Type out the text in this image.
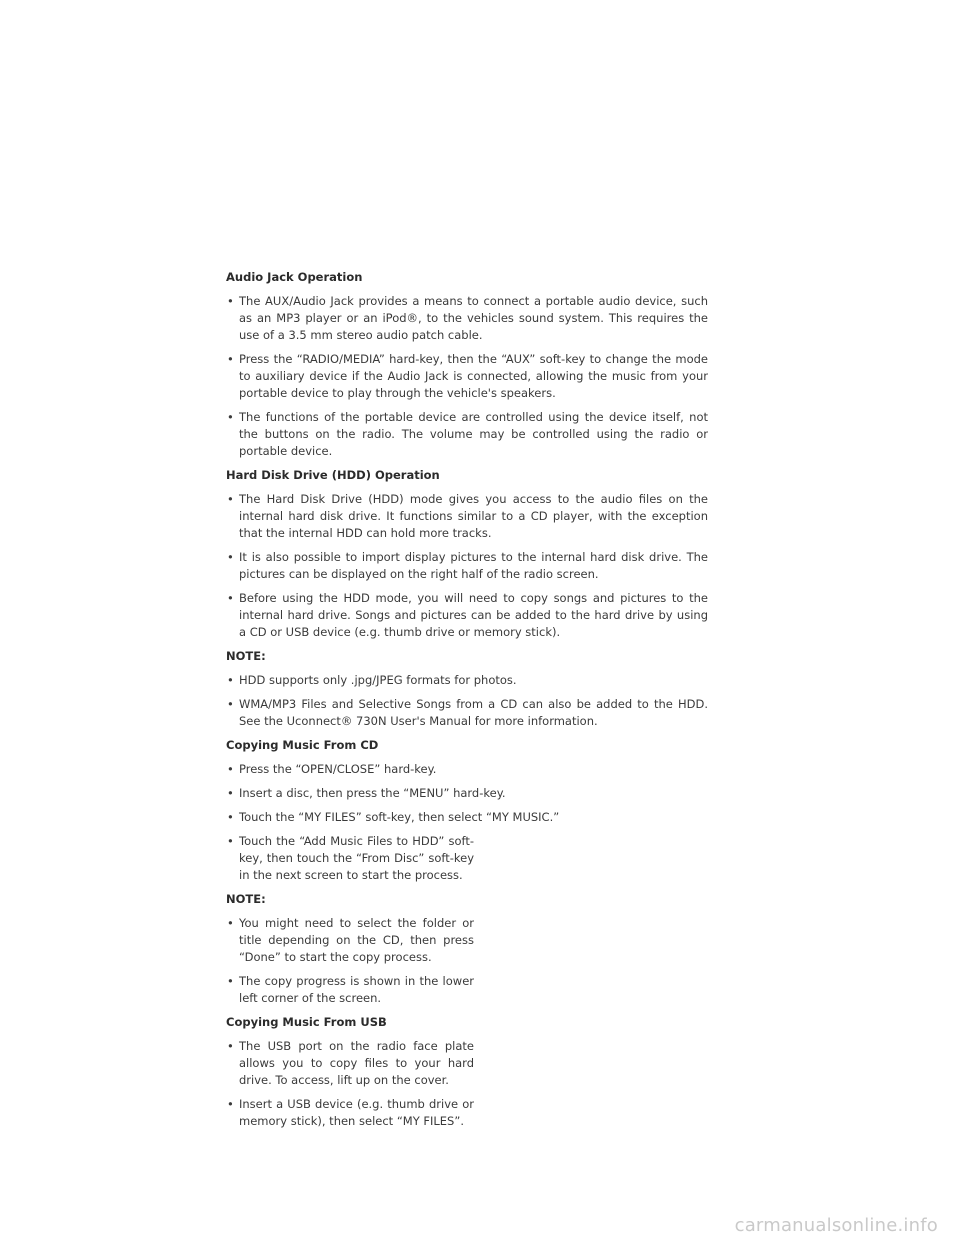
Audio Jack Operation
• The AUX/Audio Jack provides a means to connect a portable audio device, such as an MP3 player or an iPod®, to the vehicles sound system. This requires the use of a 3.5 mm stereo audio patch cable.
• Press the “RADIO/MEDIA” hard-key, then the “AUX” soft-key to change the mode to auxiliary device if the Audio Jack is connected, allowing the music from your portable device to play through the vehicle's speakers.
• The functions of the portable device are controlled using the device itself, not the buttons on the radio. The volume may be controlled using the radio or portable device.
Hard Disk Drive (HDD) Operation
• The Hard Disk Drive (HDD) mode gives you access to the audio files on the internal hard disk drive. It functions similar to a CD player, with the exception that the internal HDD can hold more tracks.
• It is also possible to import display pictures to the internal hard disk drive. The pictures can be displayed on the right half of the radio screen.
• Before using the HDD mode, you will need to copy songs and pictures to the internal hard drive. Songs and pictures can be added to the hard drive by using a CD or USB device (e.g. thumb drive or memory stick).
NOTE:
• HDD supports only .jpg/JPEG formats for photos.
• WMA/MP3 Files and Selective Songs from a CD can also be added to the HDD. See the Uconnect® 730N User's Manual for more information.
Copying Music From CD
• Press the “OPEN/CLOSE” hard-key.
• Insert a disc, then press the “MENU” hard-key.
• Touch the “MY FILES” soft-key, then select “MY MUSIC.”
• Touch the “Add Music Files to HDD” soft-key, then touch the “From Disc” soft-key in the next screen to start the process.
NOTE:
• You might need to select the folder or title depending on the CD, then press “Done” to start the copy process.
• The copy progress is shown in the lower left corner of the screen.
Copying Music From USB
• The USB port on the radio face plate allows you to copy files to your hard drive. To access, lift up on the cover.
• Insert a USB device (e.g. thumb drive or memory stick), then select “MY FILES”.
carmanualsonline.info
